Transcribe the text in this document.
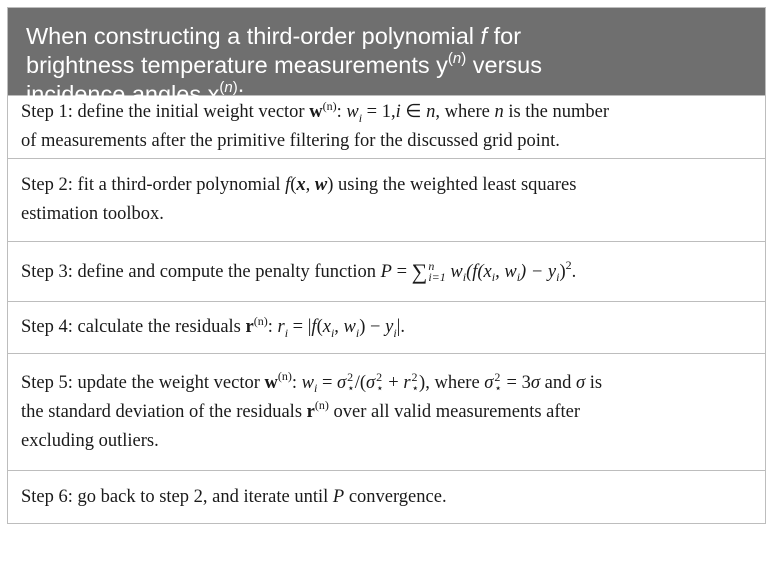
When constructing a third-order polynomial f for
brightness temperature measurements $y^{(n)}$ versus
incidence angles $x^{(n)}$:
Step 1: define the initial weight vector $w^{(n)}$: $w_i = 1,i$ ∈ n, where n is the number
of measurements after the primitive filtering for the discussed grid point.
Step 2: fit a third-order polynomial f(x, w) using the weighted least squares
estimation toolbox.
Step 3: define and compute the penalty function P = ∑ n
i=1 $w_i(f(x_i$, $w_i) - y_i)^2$.
Step 4: calculate the residuals $r^{(n)}$: $r_i = |f(x_i$, $w_i) - y_i|$.
Step 5: update the weight vector $w^{(n)}$: $w_i = \sigma$ 2
⋆ /(σ 2
⋆ + r 2
⋆ ), where σ 2
⋆ = 3σ and σ is
the standard deviation of the residuals $r^{(n)}$ over all valid measurements after
excluding outliers.
Step 6: go back to step 2, and iterate until P convergence.
